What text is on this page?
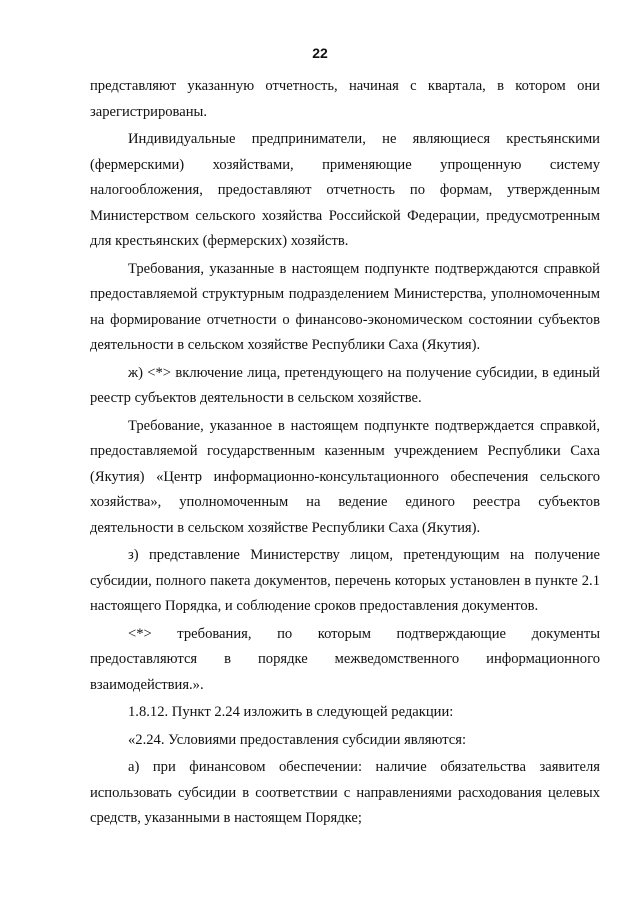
22

представляют указанную отчетность, начиная с квартала, в котором они зарегистрированы.

Индивидуальные предприниматели, не являющиеся крестьянскими (фермерскими) хозяйствами, применяющие упрощенную систему налогообложения, предоставляют отчетность по формам, утвержденным Министерством сельского хозяйства Российской Федерации, предусмотренным для крестьянских (фермерских) хозяйств.

Требования, указанные в настоящем подпункте подтверждаются справкой предоставляемой структурным подразделением Министерства, уполномоченным на формирование отчетности о финансово-экономическом состоянии субъектов деятельности в сельском хозяйстве Республики Саха (Якутия).

ж) <*> включение лица, претендующего на получение субсидии, в единый реестр субъектов деятельности в сельском хозяйстве.

Требование, указанное в настоящем подпункте подтверждается справкой, предоставляемой государственным казенным учреждением Республики Саха (Якутия) «Центр информационно-консультационного обеспечения сельского хозяйства», уполномоченным на ведение единого реестра субъектов деятельности в сельском хозяйстве Республики Саха (Якутия).

з) представление Министерству лицом, претендующим на получение субсидии, полного пакета документов, перечень которых установлен в пункте 2.1 настоящего Порядка, и соблюдение сроков предоставления документов.

<*> требования, по которым подтверждающие документы предоставляются в порядке межведомственного информационного взаимодействия.».

1.8.12. Пункт 2.24 изложить в следующей редакции:

«2.24. Условиями предоставления субсидии являются:

а) при финансовом обеспечении: наличие обязательства заявителя использовать субсидии в соответствии с направлениями расходования целевых средств, указанными в настоящем Порядке;
